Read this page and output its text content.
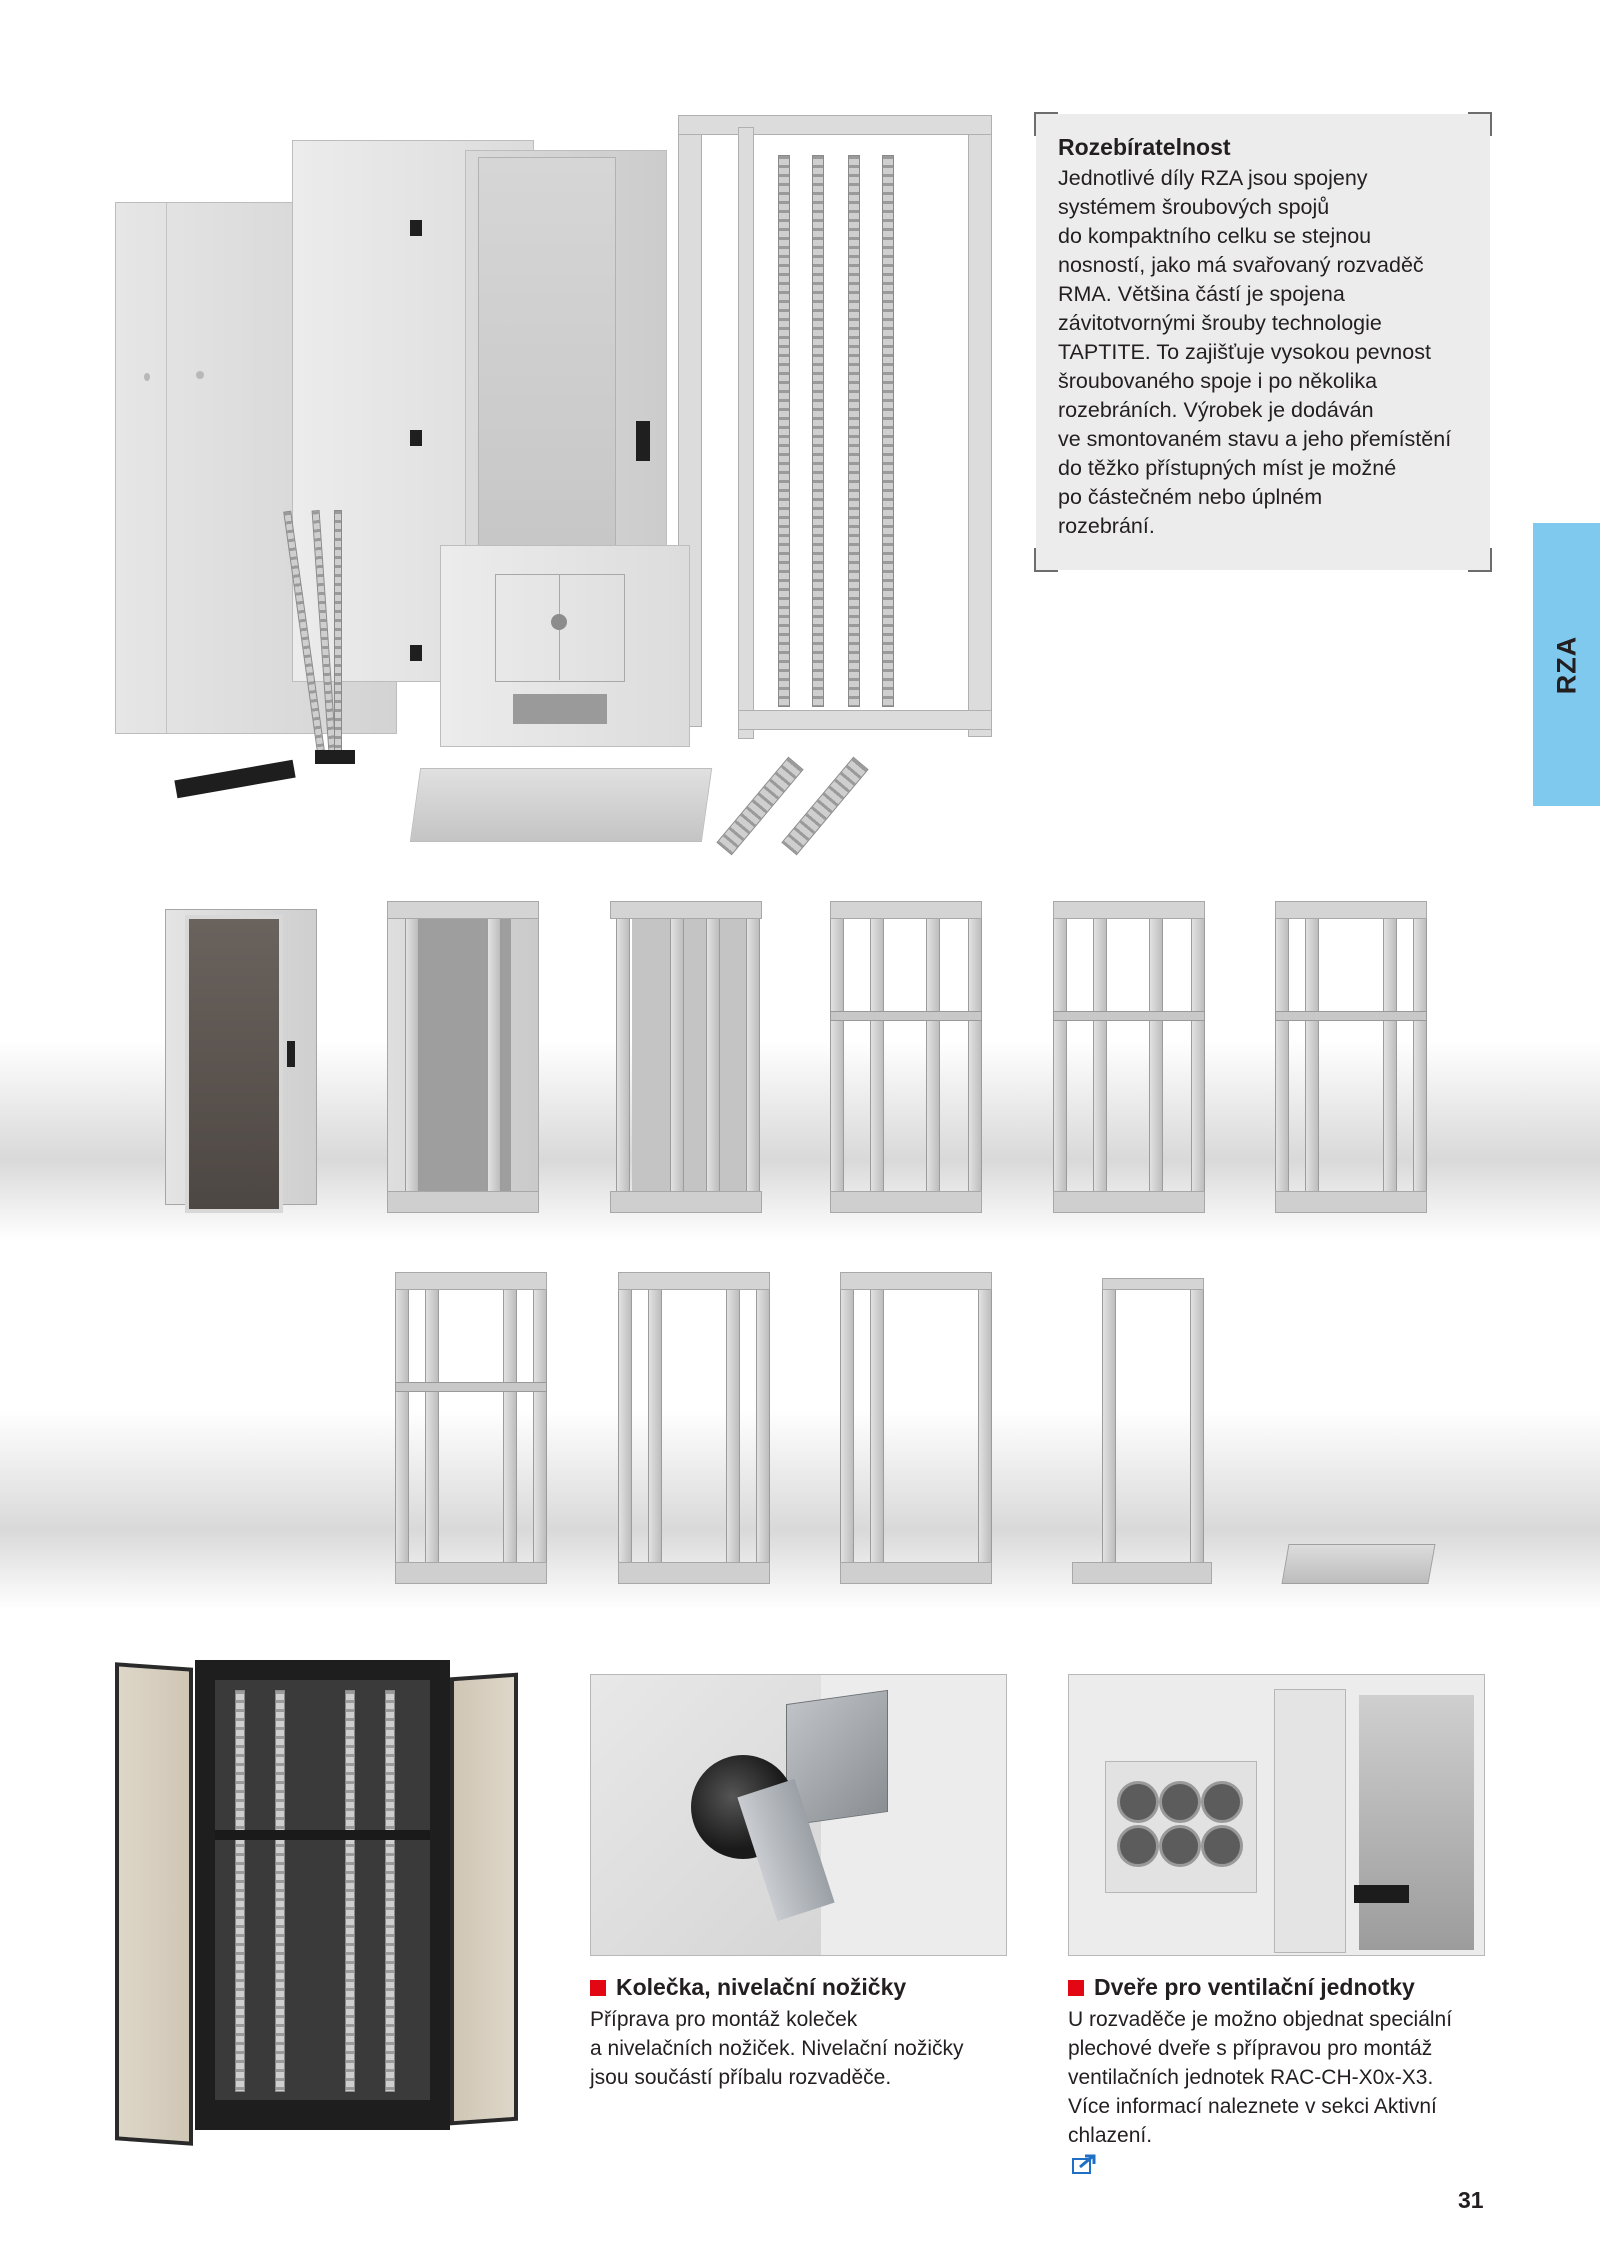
Rozebíratelnost
Jednotlivé díly RZA jsou spojeny
systémem šroubových spojů
do kompaktního celku se stejnou
nosností, jako má svařovaný rozvaděč
RMA. Většina částí je spojena
závitotvornými šrouby technologie
TAPTITE. To zajišťuje vysokou pevnost
šroubovaného spoje i po několika
rozebráních. Výrobek je dodáván
ve smontovaném stavu a jeho přemístění
do těžko přístupných míst je možné
po částečném nebo úplném
rozebrání.
RZA
Kolečka, nivelační nožičky
Příprava pro montáž koleček
a nivelačních nožiček. Nivelační nožičky
jsou součástí příbalu rozvaděče.
Dveře pro ventilační jednotky
U rozvaděče je možno objednat speciální
plechové dveře s přípravou pro montáž
ventilačních jednotek RAC-CH-X0x-X3.
Více informací naleznete v sekci Aktivní
chlazení.
31
